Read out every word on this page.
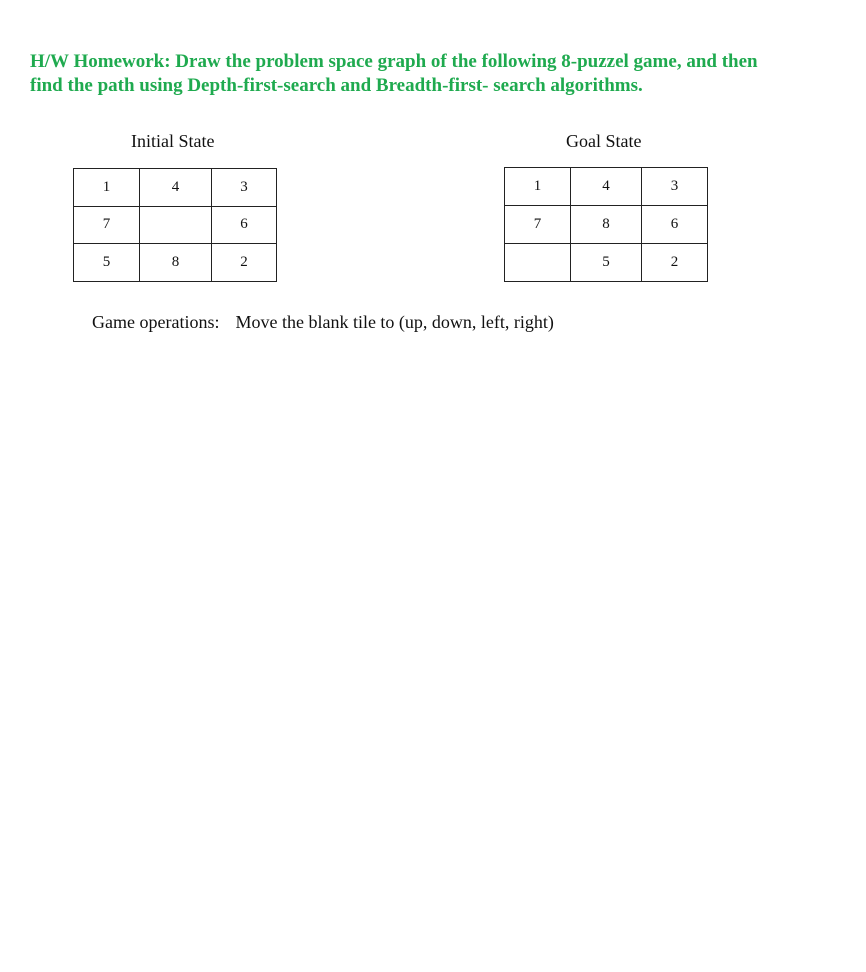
H/W Homework: Draw the problem space graph of the following 8-puzzel game, and then
find the path using Depth-first-search and Breadth-first- search algorithms.
Initial State
1	4	3
7		6
5	8	2
Goal State
1	4	3
7	8	6
	5	2
Game operations: Move the blank tile to (up, down, left, right)
